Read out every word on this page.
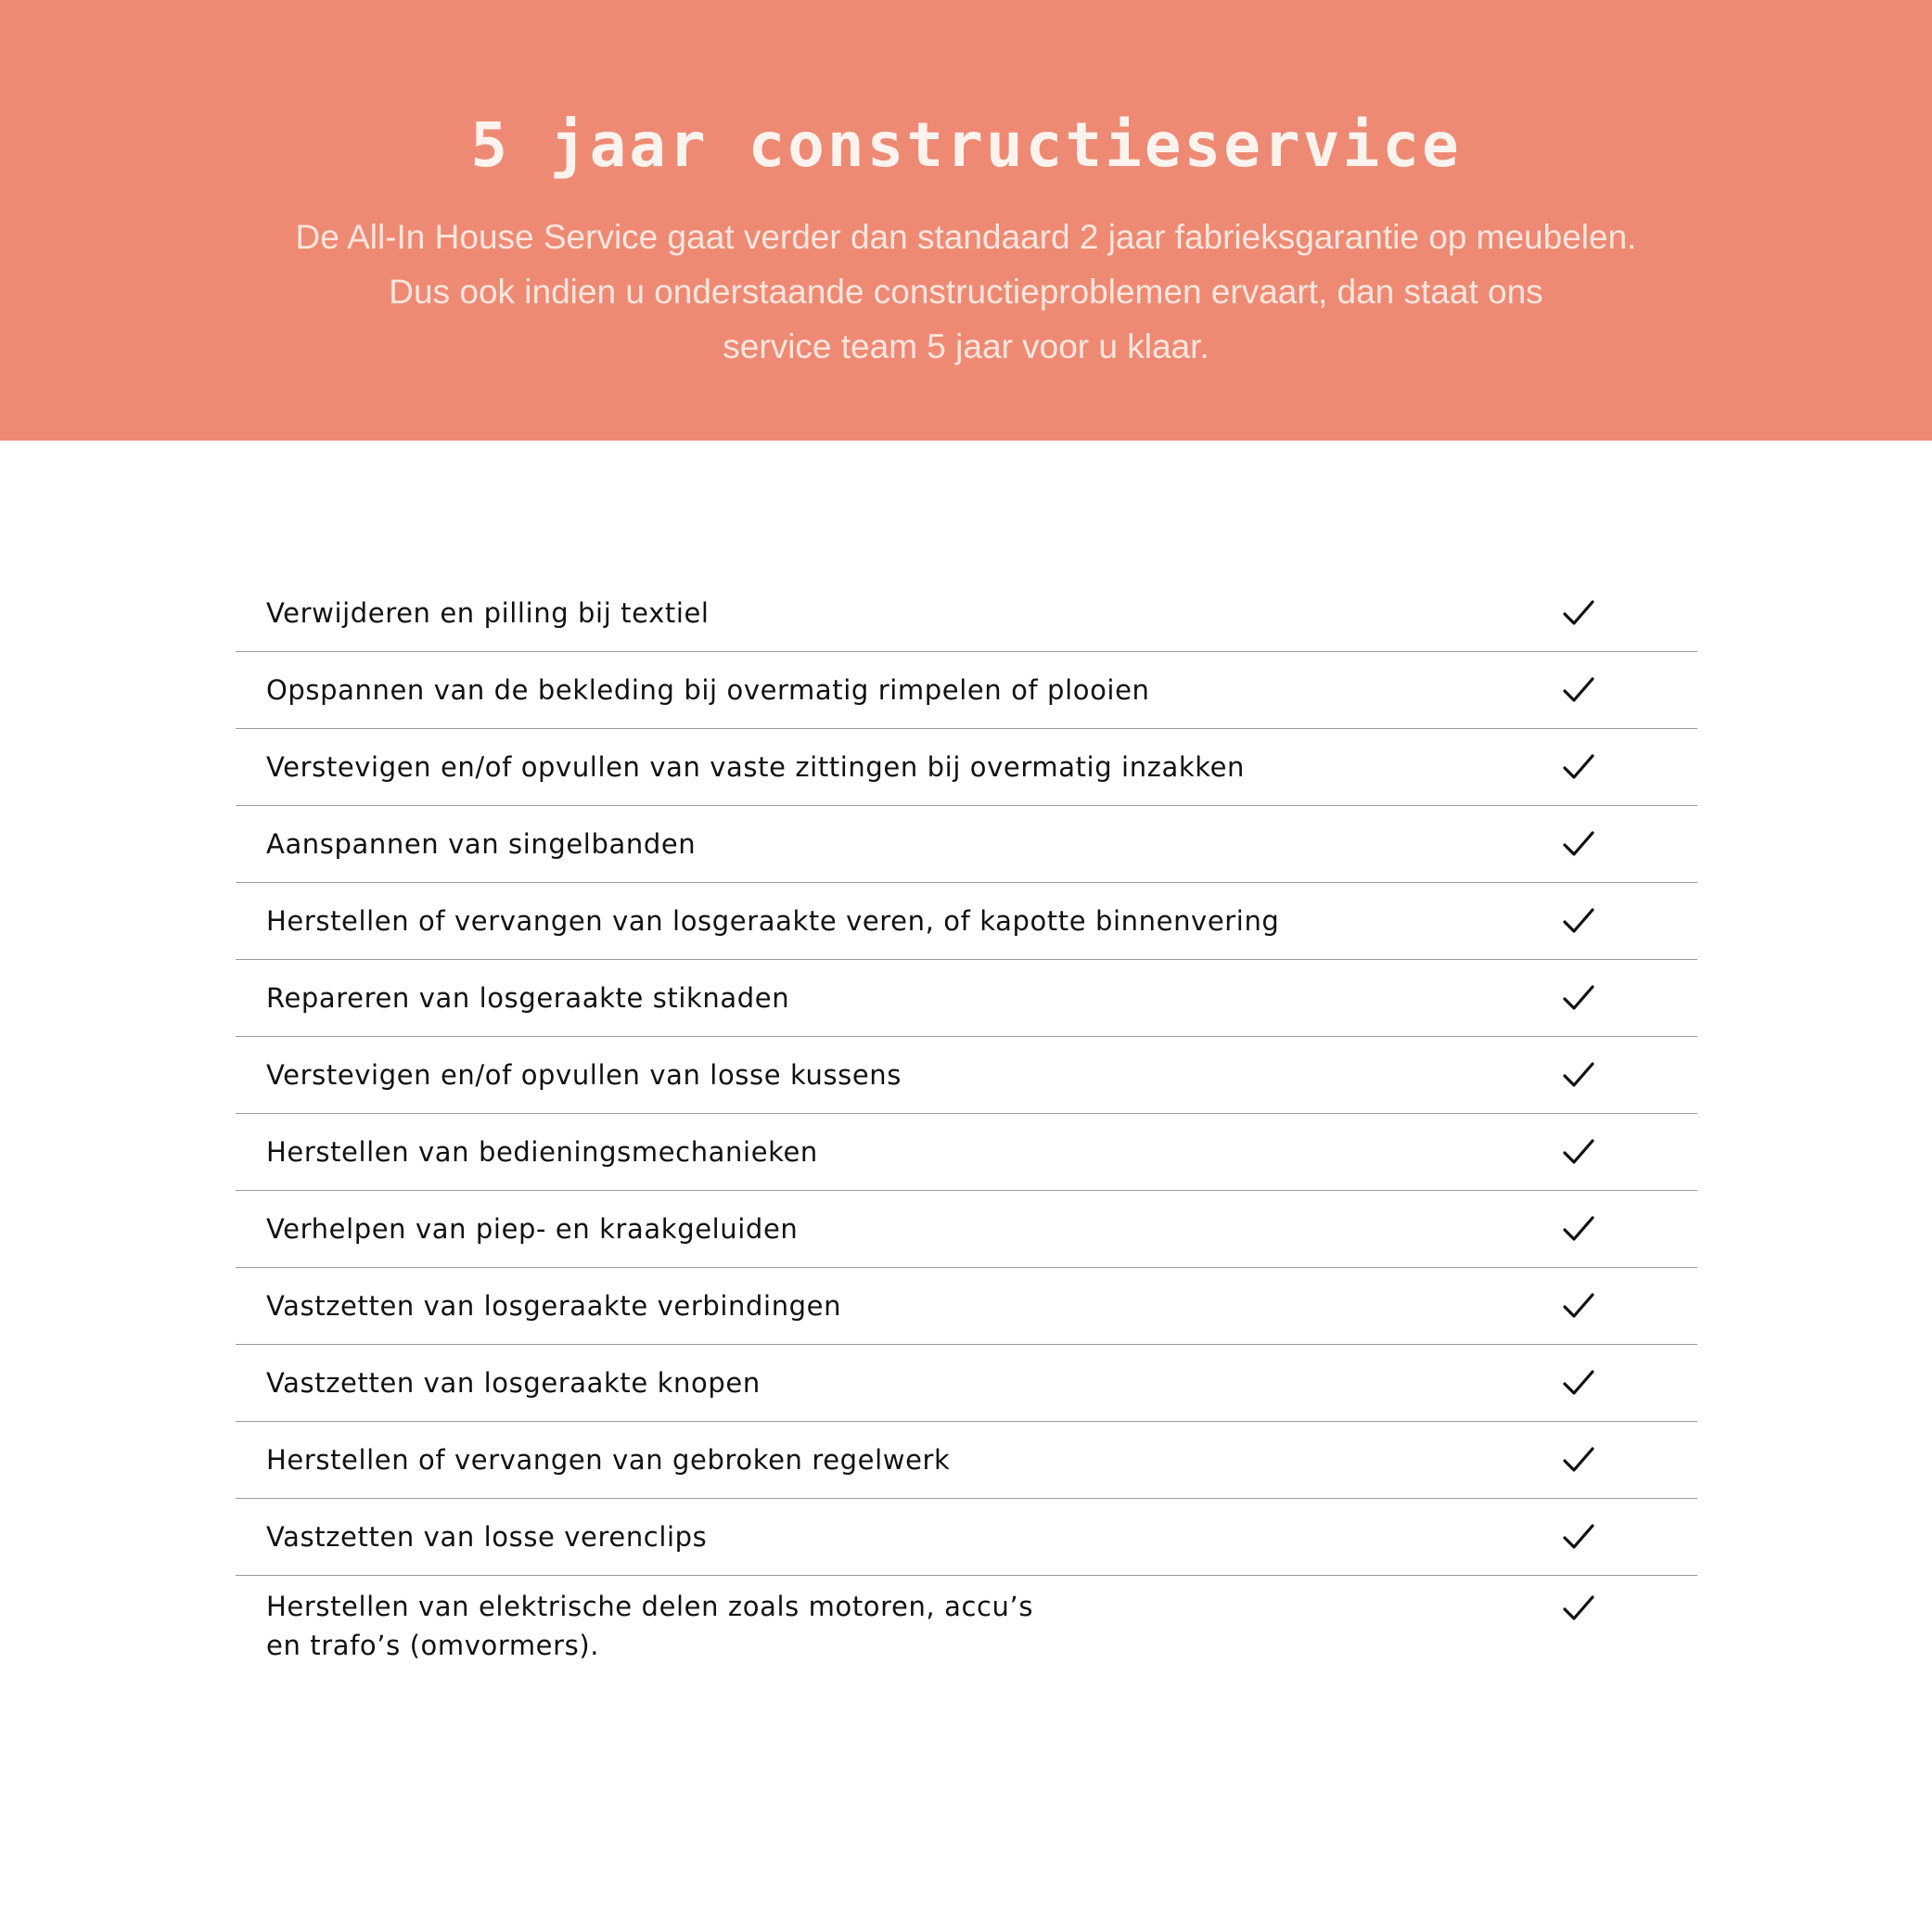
5 jaar constructieservice

De All-In House Service gaat verder dan standaard 2 jaar fabrieksgarantie op meubelen.
Dus ook indien u onderstaande constructieproblemen ervaart, dan staat ons
service team 5 jaar voor u klaar.

Verwijderen en pilling bij textiel
Opspannen van de bekleding bij overmatig rimpelen of plooien
Verstevigen en/of opvullen van vaste zittingen bij overmatig inzakken
Aanspannen van singelbanden
Herstellen of vervangen van losgeraakte veren, of kapotte binnenvering
Repareren van losgeraakte stiknaden
Verstevigen en/of opvullen van losse kussens
Herstellen van bedieningsmechanieken
Verhelpen van piep- en kraakgeluiden
Vastzetten van losgeraakte verbindingen
Vastzetten van losgeraakte knopen
Herstellen of vervangen van gebroken regelwerk
Vastzetten van losse verenclips
Herstellen van elektrische delen zoals motoren, accu’s
en trafo’s (omvormers).
